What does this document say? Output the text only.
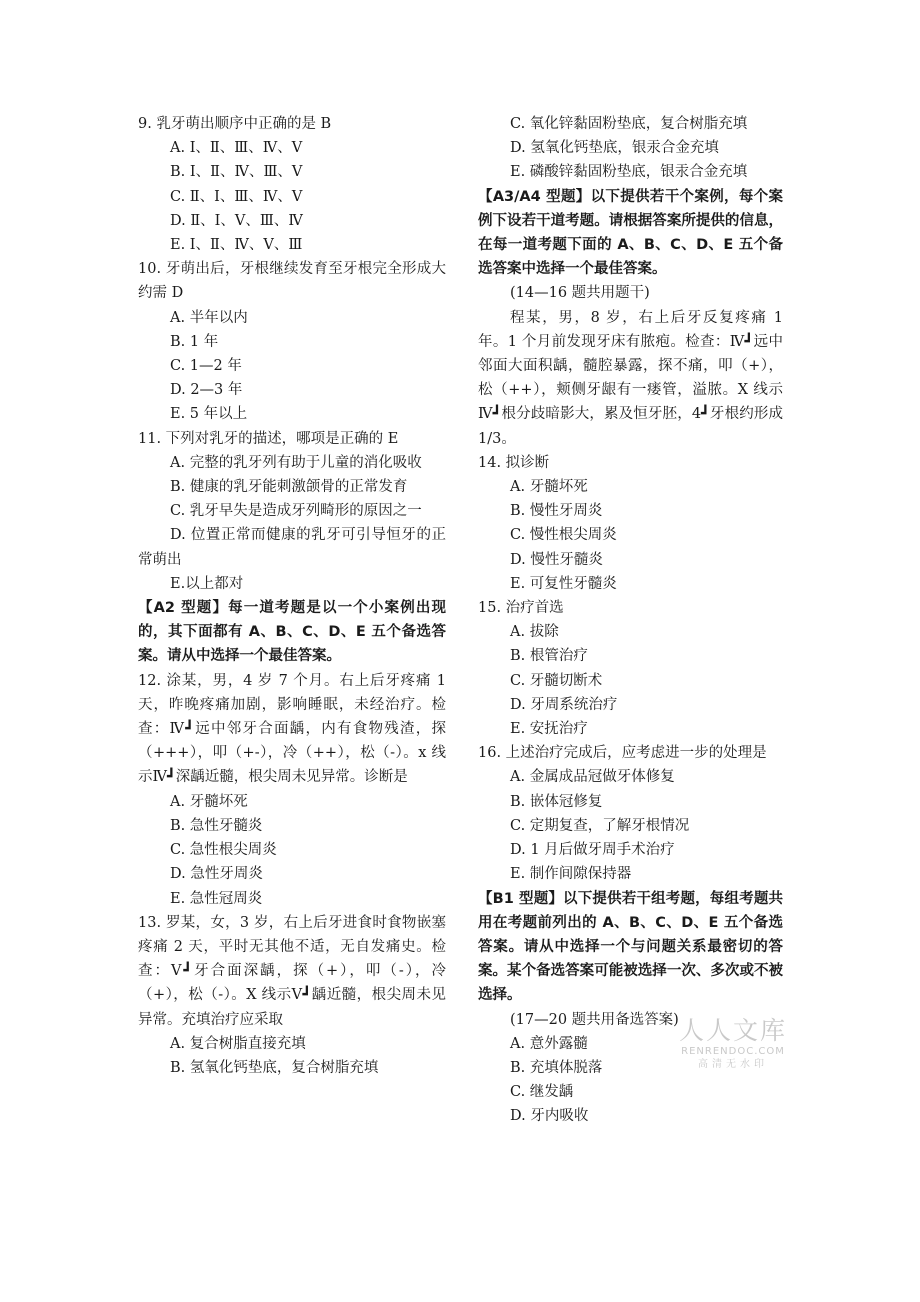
9. 乳牙萌出顺序中正确的是 B
A. Ⅰ、Ⅱ、Ⅲ、Ⅳ、Ⅴ
B. Ⅰ、Ⅱ、Ⅳ、Ⅲ、Ⅴ
C. Ⅱ、Ⅰ、Ⅲ、Ⅳ、Ⅴ
D. Ⅱ、Ⅰ、Ⅴ、Ⅲ、Ⅳ
E. Ⅰ、Ⅱ、Ⅳ、Ⅴ、Ⅲ
10. 牙萌出后，牙根继续发育至牙根完全形成大约需 D
A. 半年以内
B. 1 年
C. 1—2 年
D. 2—3 年
E. 5 年以上
11. 下列对乳牙的描述，哪项是正确的 E
A. 完整的乳牙列有助于儿童的消化吸收
B. 健康的乳牙能刺激颌骨的正常发育
C. 乳牙早失是造成牙列畸形的原因之一
D. 位置正常而健康的乳牙可引导恒牙的正常萌出
E.以上都对
【A2 型题】每一道考题是以一个小案例出现的，其下面都有 A、B、C、D、E 五个备选答案。请从中选择一个最佳答案。
12. 涂某，男，4 岁 7 个月。右上后牙疼痛 1 天，昨晚疼痛加剧，影响睡眠，未经治疗。检查：Ⅳ┛远中邻牙合面龋，内有食物残渣，探（+++），叩（+-），冷（++），松（-）。x 线示Ⅳ┛深龋近髓，根尖周未见异常。诊断是
A. 牙髓坏死
B. 急性牙髓炎
C. 急性根尖周炎
D. 急性牙周炎
E. 急性冠周炎
13. 罗某，女，3 岁，右上后牙进食时食物嵌塞疼痛 2 天，平时无其他不适，无自发痛史。检查：Ⅴ┛牙合面深龋，探（+），叩（-），冷（+），松（-）。X 线示Ⅴ┛龋近髓，根尖周未见异常。充填治疗应采取
A. 复合树脂直接充填
B. 氢氧化钙垫底，复合树脂充填
C. 氧化锌黏固粉垫底，复合树脂充填
D. 氢氧化钙垫底，银汞合金充填
E. 磷酸锌黏固粉垫底，银汞合金充填
【A3/A4 型题】以下提供若干个案例，每个案例下设若干道考题。请根据答案所提供的信息，在每一道考题下面的 A、B、C、D、E 五个备选答案中选择一个最佳答案。
(14—16 题共用题干)
程某，男，8 岁，右上后牙反复疼痛 1 年。1 个月前发现牙床有脓疱。检查：Ⅳ┛远中邻面大面积龋，髓腔暴露，探不痛，叩（+），松（++），颊侧牙龈有一瘘管，溢脓。X 线示Ⅳ┛根分歧暗影大，累及恒牙胚，4┛牙根约形成 1/3。
14. 拟诊断
A. 牙髓坏死
B. 慢性牙周炎
C. 慢性根尖周炎
D. 慢性牙髓炎
E. 可复性牙髓炎
15. 治疗首选
A. 拔除
B. 根管治疗
C. 牙髓切断术
D. 牙周系统治疗
E. 安抚治疗
16. 上述治疗完成后，应考虑进一步的处理是
A. 金属成品冠做牙体修复
B. 嵌体冠修复
C. 定期复查，了解牙根情况
D. 1 月后做牙周手术治疗
E. 制作间隙保持器
【B1 型题】以下提供若干组考题，每组考题共用在考题前列出的 A、B、C、D、E 五个备选答案。请从中选择一个与问题关系最密切的答案。某个备选答案可能被选择一次、多次或不被选择。
(17—20 题共用备选答案)
A. 意外露髓
B. 充填体脱落
C. 继发龋
D. 牙内吸收
人人文库
RENRENDOC.COM
高清无水印
